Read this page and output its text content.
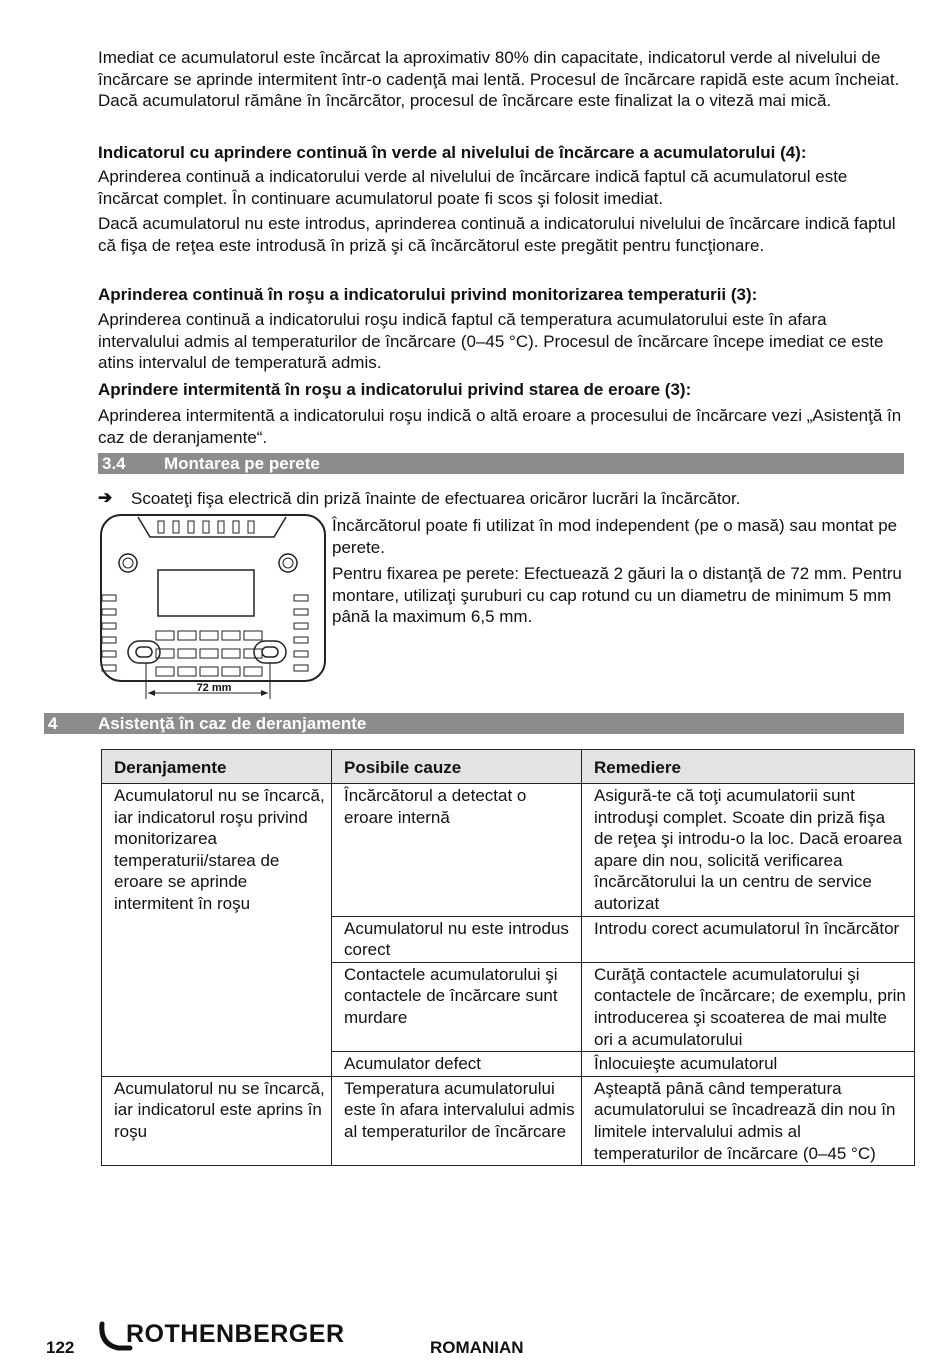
Imediat ce acumulatorul este încărcat la aproximativ 80% din capacitate, indicatorul verde al nivelului de încărcare se aprinde intermitent într-o cadenţă mai lentă. Procesul de încărcare rapidă este acum încheiat. Dacă acumulatorul rămâne în încărcător, procesul de încărcare este finalizat la o viteză mai mică.

Indicatorul cu aprindere continuă în verde al nivelului de încărcare a acumulatorului (4):

Aprinderea continuă a indicatorului verde al nivelului de încărcare indică faptul că acumulatorul este încărcat complet. În continuare acumulatorul poate fi scos şi folosit imediat.

Dacă acumulatorul nu este introdus, aprinderea continuă a indicatorului nivelului de încărcare indică faptul că fişa de reţea este introdusă în priză şi că încărcătorul este pregătit pentru funcţionare.

Aprinderea continuă în roşu a indicatorului privind monitorizarea temperaturii (3):

Aprinderea continuă a indicatorului roşu indică faptul că temperatura acumulatorului este în afara intervalului admis al temperaturilor de încărcare (0–45 °C). Procesul de încărcare începe imediat ce este atins intervalul de temperatură admis.

Aprindere intermitentă în roşu a indicatorului privind starea de eroare (3):

Aprinderea intermitentă a indicatorului roşu indică o altă eroare a procesului de încărcare vezi „Asistenţă în caz de deranjamente“.

3.4 Montarea pe perete
➔ Scoateţi fişa electrică din priză înainte de efectuarea oricăror lucrări la încărcător.

72 mm

Încărcătorul poate fi utilizat în mod independent (pe o masă) sau montat pe perete.

Pentru fixarea pe perete: Efectuează 2 găuri la o distanţă de 72 mm. Pentru montare, utilizaţi şuruburi cu cap rotund cu un diametru de minimum 5 mm până la maximum 6,5 mm.

4 Asistenţă în caz de deranjamente
Deranjamente	Posibile cauze	Remediere
Acumulatorul nu se încarcă, iar indicatorul roşu privind monitorizarea temperaturii/starea de eroare se aprinde intermitent în roşu	Încărcătorul a detectat o eroare internă	Asigură-te că toţi acumulatorii sunt introduşi complet. Scoate din priză fişa de reţea şi introdu-o la loc. Dacă eroarea apare din nou, solicită verificarea încărcătorului la un centru de service autorizat
	Acumulatorul nu este introdus corect	Introdu corect acumulatorul în încărcător
	Contactele acumulatorului şi contactele de încărcare sunt murdare	Curăţă contactele acumulatorului şi contactele de încărcare; de exemplu, prin introducerea şi scoaterea de mai multe ori a acumulatorului
	Acumulator defect	Înlocuieşte acumulatorul
Acumulatorul nu se încarcă, iar indicatorul este aprins în roşu	Temperatura acumulatorului este în afara intervalului admis al temperaturilor de încărcare	Aşteaptă până când temperatura acumulatorului se încadrează din nou în limitele intervalului admis al temperaturilor de încărcare (0–45 °C)
122 ROTHENBERGER	ROMANIAN
